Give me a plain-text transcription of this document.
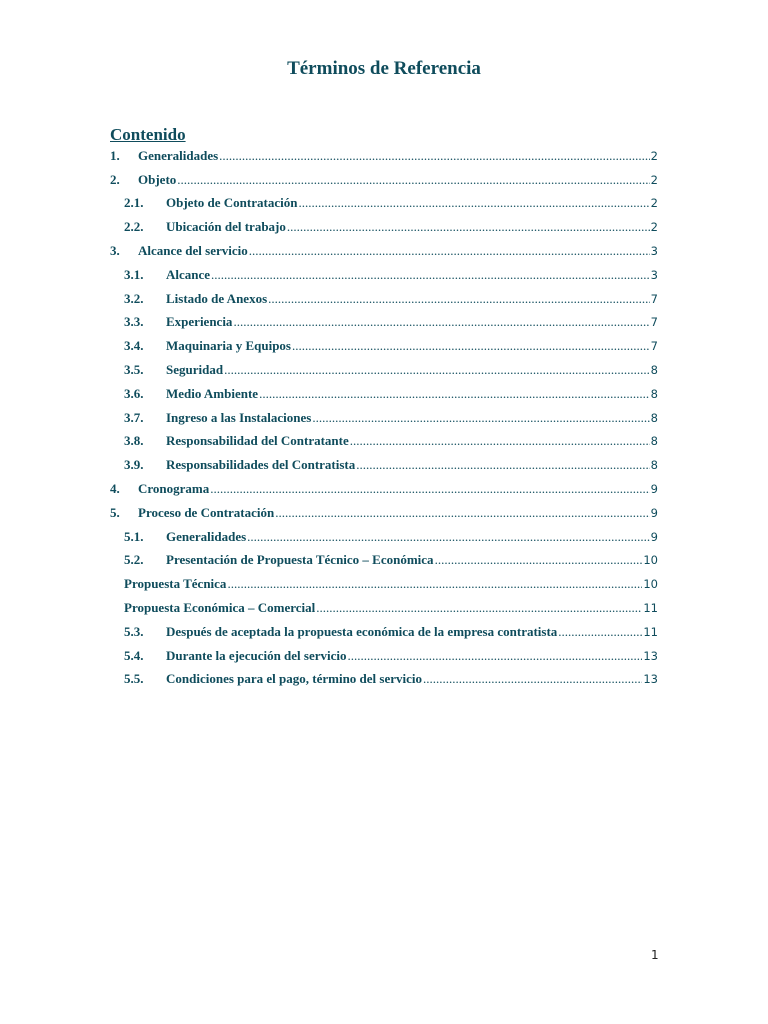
Términos de Referencia
Contenido
1.	Generalidades .....	2
2.	Objeto .....	2
2.1.	Objeto de Contratación .....	2
2.2.	Ubicación del trabajo .....	2
3.	Alcance del servicio .....	3
3.1.	Alcance .....	3
3.2.	Listado de Anexos .....	7
3.3.	Experiencia .....	7
3.4.	Maquinaria y Equipos .....	7
3.5.	Seguridad .....	8
3.6.	Medio Ambiente .....	8
3.7.	Ingreso a las Instalaciones .....	8
3.8.	Responsabilidad del Contratante .....	8
3.9.	Responsabilidades del Contratista .....	8
4.	Cronograma .....	9
5.	Proceso de Contratación .....	9
5.1.	Generalidades .....	9
5.2.	Presentación de Propuesta Técnico – Económica .....	10
Propuesta Técnica .....	10
Propuesta Económica – Comercial .....	11
5.3.	Después de aceptada la propuesta económica de la empresa contratista .....	11
5.4.	Durante la ejecución del servicio .....	13
5.5.	Condiciones para el pago, término del servicio .....	13
1
